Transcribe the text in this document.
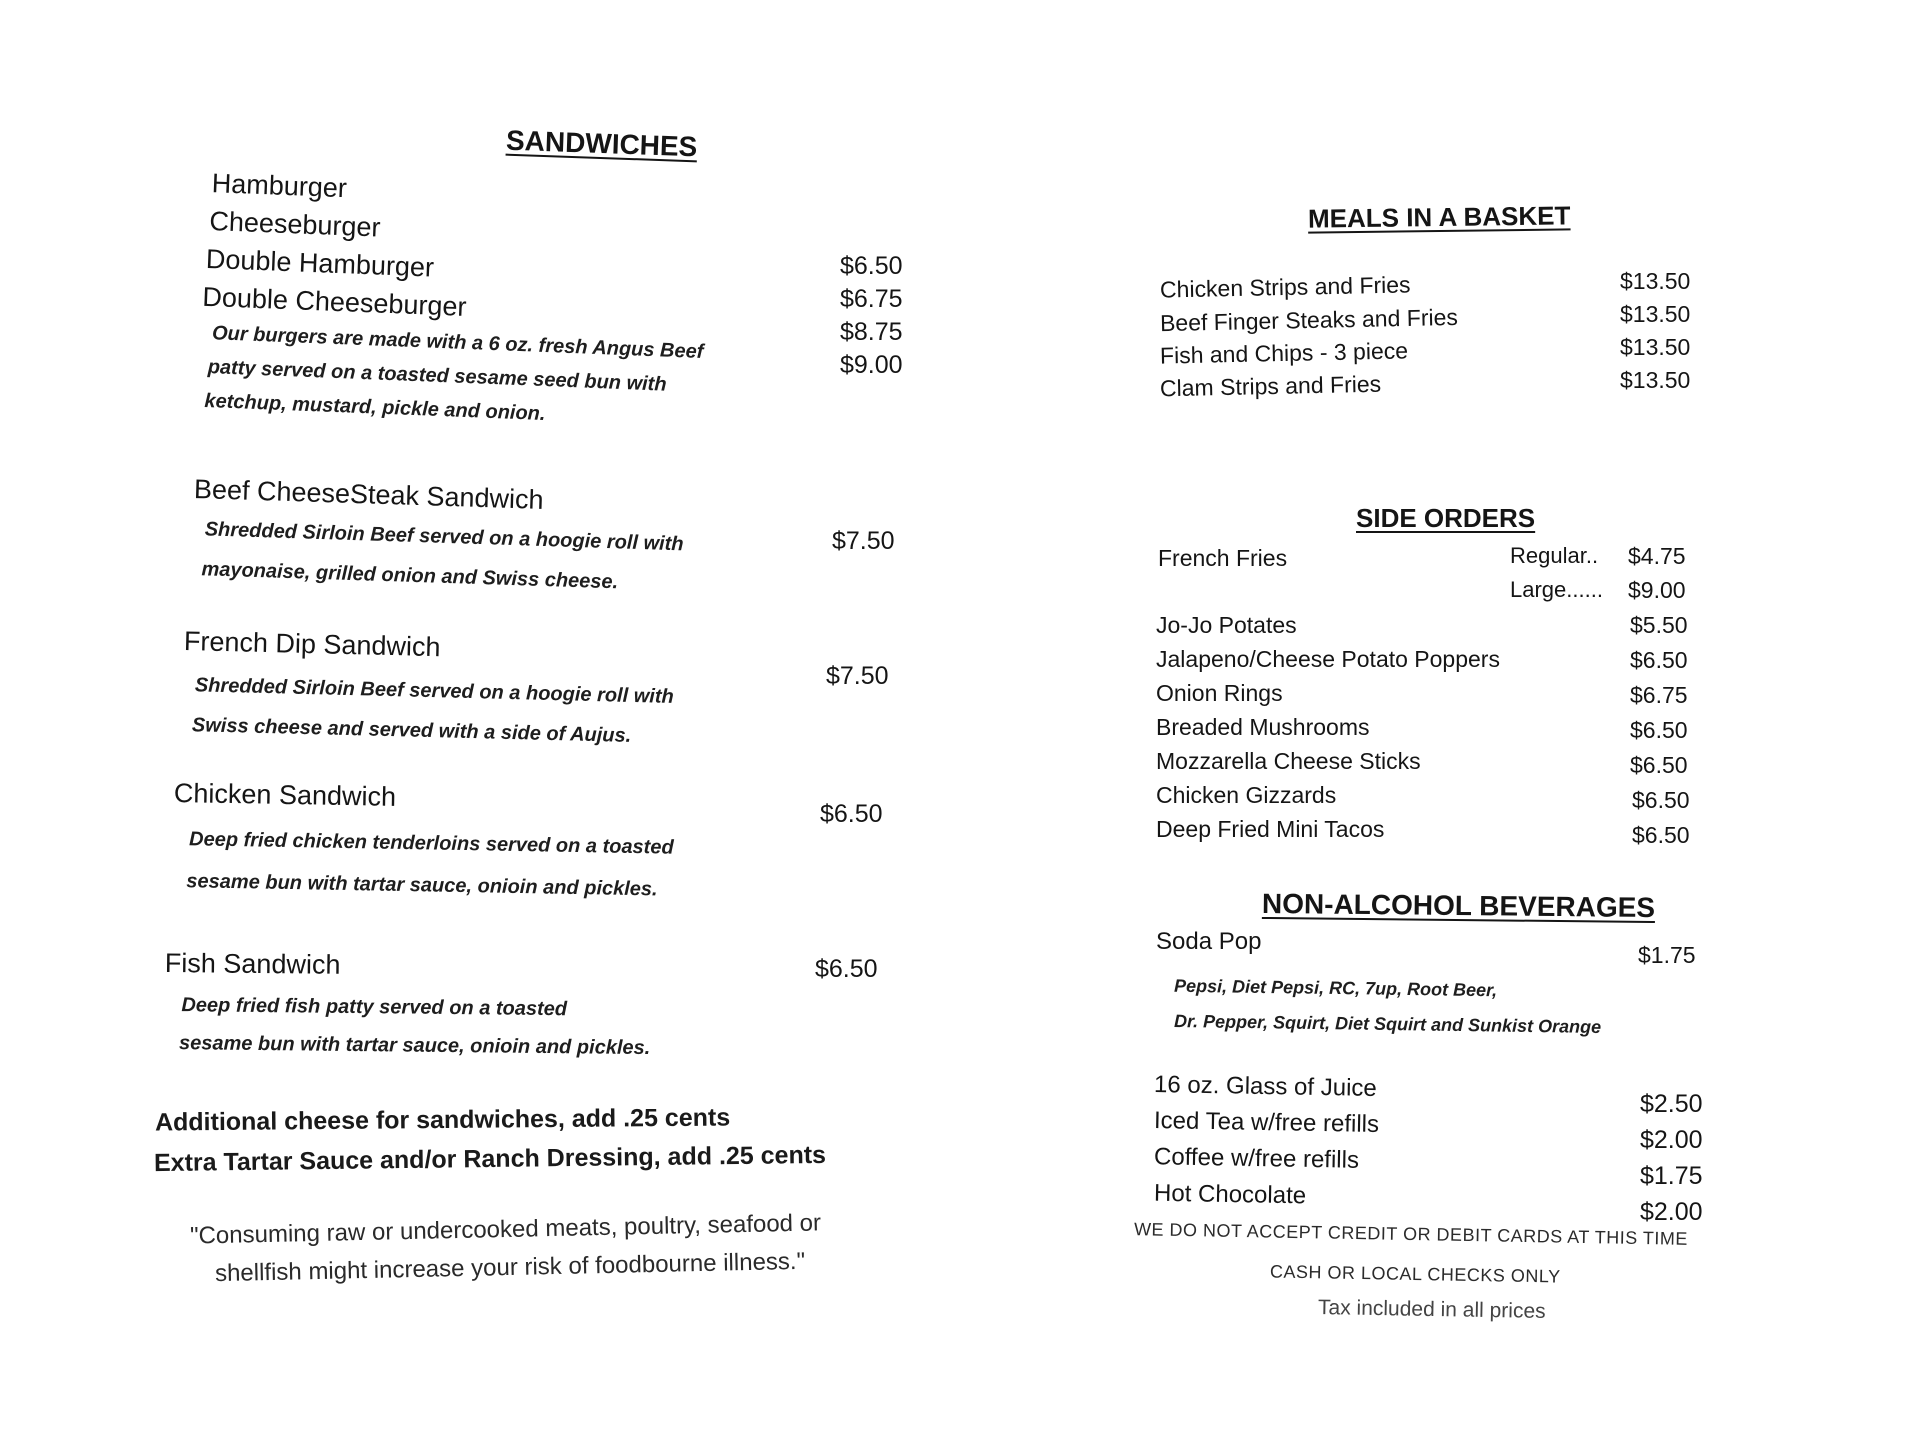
SANDWICHES
Hamburger
Cheeseburger
Double Hamburger
Double Cheeseburger
Our burgers are made with a 6 oz. fresh Angus Beef
patty served on a toasted sesame seed bun with
ketchup, mustard, pickle and onion.
$6.50
$6.75
$8.75
$9.00
Beef CheeseSteak Sandwich
Shredded Sirloin Beef served on a hoogie roll with
mayonaise, grilled onion and Swiss cheese.
$7.50
French Dip Sandwich
Shredded Sirloin Beef served on a hoogie roll with
Swiss cheese and served with a side of Aujus.
$7.50
Chicken Sandwich
Deep fried chicken tenderloins served on a toasted
sesame bun with tartar sauce, onioin and pickles.
$6.50
Fish Sandwich
Deep fried fish patty served on a toasted
sesame bun with tartar sauce, onioin and pickles.
$6.50
Additional cheese for sandwiches, add .25 cents
Extra Tartar Sauce and/or Ranch Dressing, add .25 cents
"Consuming raw or undercooked meats, poultry, seafood or
shellfish might increase your risk of foodbourne illness."
MEALS IN A BASKET
Chicken Strips and Fries
Beef Finger Steaks and Fries
Fish and Chips - 3 piece
Clam Strips and Fries
$13.50
$13.50
$13.50
$13.50
SIDE ORDERS
French Fries	Regular.. $4.75
Large...... $9.00
Jo-Jo Potates
Jalapeno/Cheese Potato Poppers
Onion Rings
Breaded Mushrooms
Mozzarella Cheese Sticks
Chicken Gizzards
Deep Fried Mini Tacos
$5.50
$6.50
$6.75
$6.50
$6.50
$6.50
$6.50
NON-ALCOHOL BEVERAGES
Soda Pop	$1.75
Pepsi, Diet Pepsi, RC, 7up, Root Beer,
Dr. Pepper, Squirt, Diet Squirt and Sunkist Orange
16 oz. Glass of Juice
Iced Tea w/free refills
Coffee w/free refills
Hot Chocolate
$2.50
$2.00
$1.75
$2.00
WE DO NOT ACCEPT CREDIT OR DEBIT CARDS AT THIS TIME
CASH OR LOCAL CHECKS ONLY
Tax included in all prices
